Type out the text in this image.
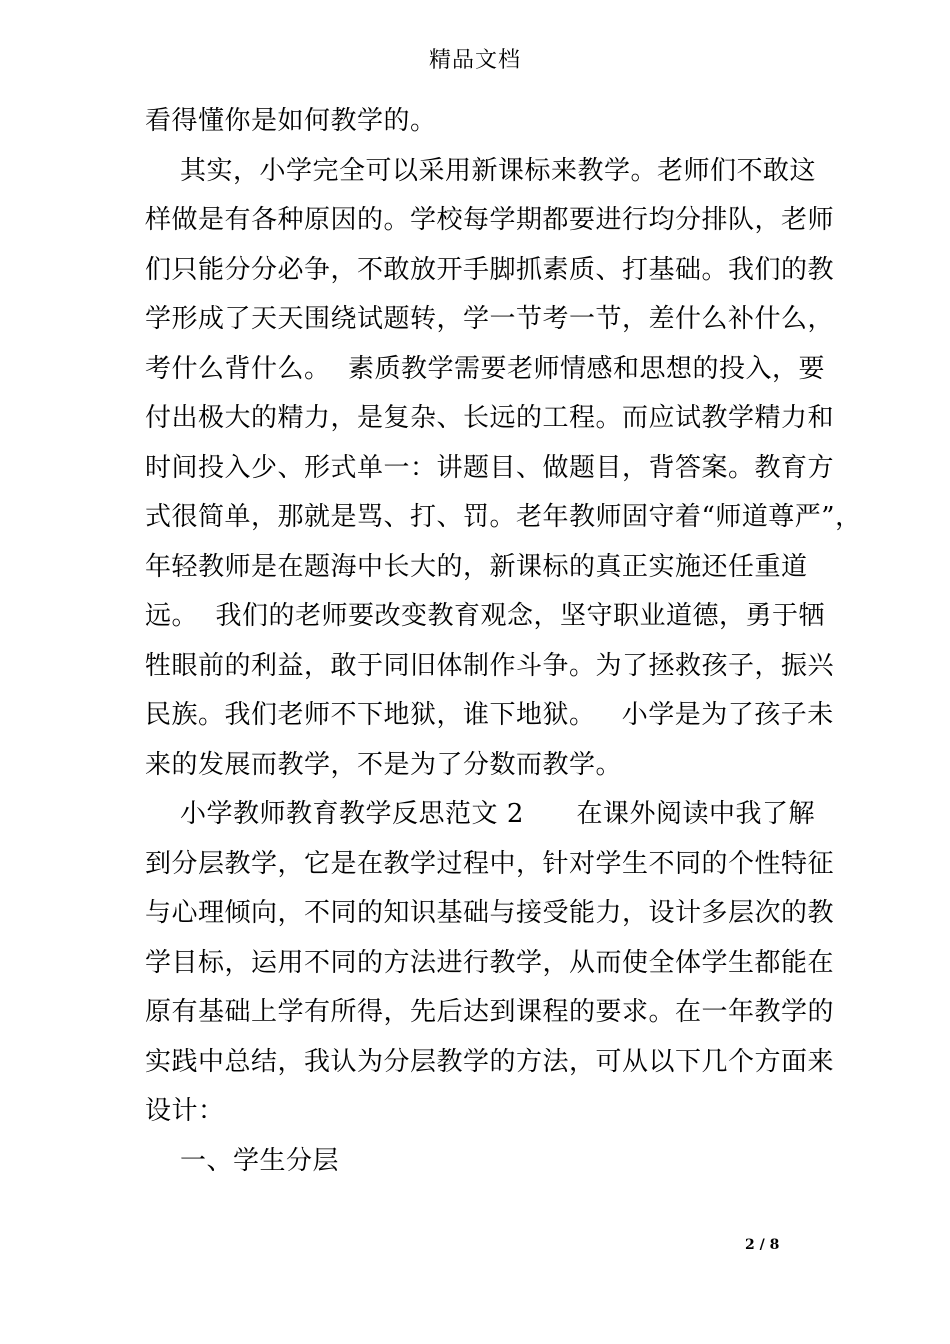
精品文档
看得懂你是如何教学的。
其实，小学完全可以采用新课标来教学。老师们不敢这
样做是有各种原因的。学校每学期都要进行均分排队，老师
们只能分分必争，不敢放开手脚抓素质、打基础。我们的教
学形成了天天围绕试题转，学一节考一节，差什么补什么，
考什么背什么。  素质教学需要老师情感和思想的投入，要
付出极大的精力，是复杂、长远的工程。而应试教学精力和
时间投入少、形式单一：讲题目、做题目，背答案。教育方
式很简单，那就是骂、打、罚。老年教师固守着“师道尊严”，
年轻教师是在题海中长大的，新课标的真正实施还任重道
远。  我们的老师要改变教育观念，坚守职业道德，勇于牺
牲眼前的利益，敢于同旧体制作斗争。为了拯救孩子，振兴
民族。我们老师不下地狱，谁下地狱。   小学是为了孩子未
来的发展而教学，不是为了分数而教学。
小学教师教育教学反思范文 2      在课外阅读中我了解
到分层教学，它是在教学过程中，针对学生不同的个性特征
与心理倾向，不同的知识基础与接受能力，设计多层次的教
学目标，运用不同的方法进行教学，从而使全体学生都能在
原有基础上学有所得，先后达到课程的要求。在一年教学的
实践中总结，我认为分层教学的方法，可从以下几个方面来
设计：
一、学生分层
2 / 8
